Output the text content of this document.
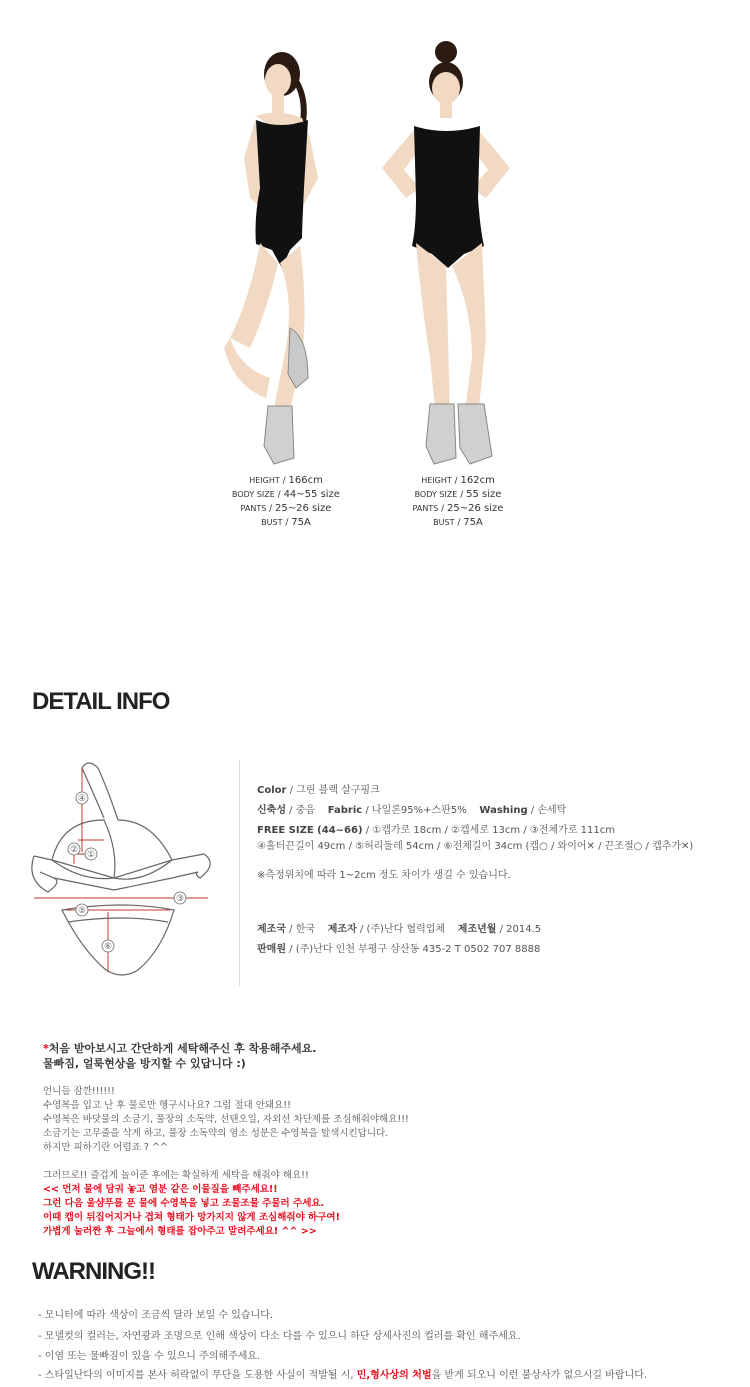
HEIGHT / 166cm
BODY SIZE / 44~55 size
PANTS / 25~26 size
BUST / 75A
HEIGHT / 162cm
BODY SIZE / 55 size
PANTS / 25~26 size
BUST / 75A
DETAIL INFO
①
②
③
④
⑤
⑥
Color / 그린 블랙 살구핑크
신축성 / 중음 Fabric / 나일론95%+스판5% Washing / 손세탁
FREE SIZE (44~66) / ①캡가로 18cm / ②캡세로 13cm / ③전체가로 111cm
④홀터끈길이 49cm / ⑤허리둘레 54cm / ⑥전체길이 34cm (캡○ / 와이어✕ / 끈조절○ / 캡추가✕)
※측정위치에 따라 1~2cm 정도 차이가 생길 수 있습니다.
제조국 / 한국 제조자 / (주)난다 협력업체 제조년월 / 2014.5
판매원 / (주)난다 인천 부평구 삼산동 435-2 T 0502 707 8888
*처음 받아보시고 간단하게 세탁해주신 후 착용해주세요.
물빠짐, 얼룩현상을 방지할 수 있답니다 :)
언니들 잠깐!!!!!!
수영복을 입고 난 후 물로만 헹구시나요? 그럼 절대 안돼요!!
수영복은 바닷물의 소금기, 풀장의 소독약, 선탠오일, 자외선 차단제를 조심해줘야해요!!!
소금기는 고무줄을 삭게 하고, 풀장 소독약의 염소 성분은 수영복을 탈색시킨답니다.
하지만 피하기란 어렵죠 ? ^^
그러므로!! 즐겁게 놀이준 후에는 확실하게 세탁을 해줘야 해요!!
<< 먼저 물에 담궈 놓고 염분 같은 이물질을 빼주세요!!
그런 다음 울샴푸를 푼 물에 수영복을 넣고 조물조물 주물러 주세요.
이때 캡이 뒤집어지거나 겹쳐 형태가 망가지지 않게 조심해줘야 하구여!
가볍게 눌러짠 후 그늘에서 형태를 잡아주고 말려주세요! ^^ >>
WARNING!!
- 모니터에 따라 색상이 조금씩 달라 보일 수 있습니다.
- 모델컷의 컬러는, 자연광과 조명으로 인해 색상이 다소 다를 수 있으니 하단 상세사진의 컬러를 확인 해주세요.
- 이염 또는 물빠짐이 있을 수 있으니 주의해주세요.
- 스타일난다의 이미지를 본사 허락없이 무단을 도용한 사실이 적발될 시, 민,형사상의 처벌을 받게 되오니 이런 불상사가 없으시길 바랍니다.
